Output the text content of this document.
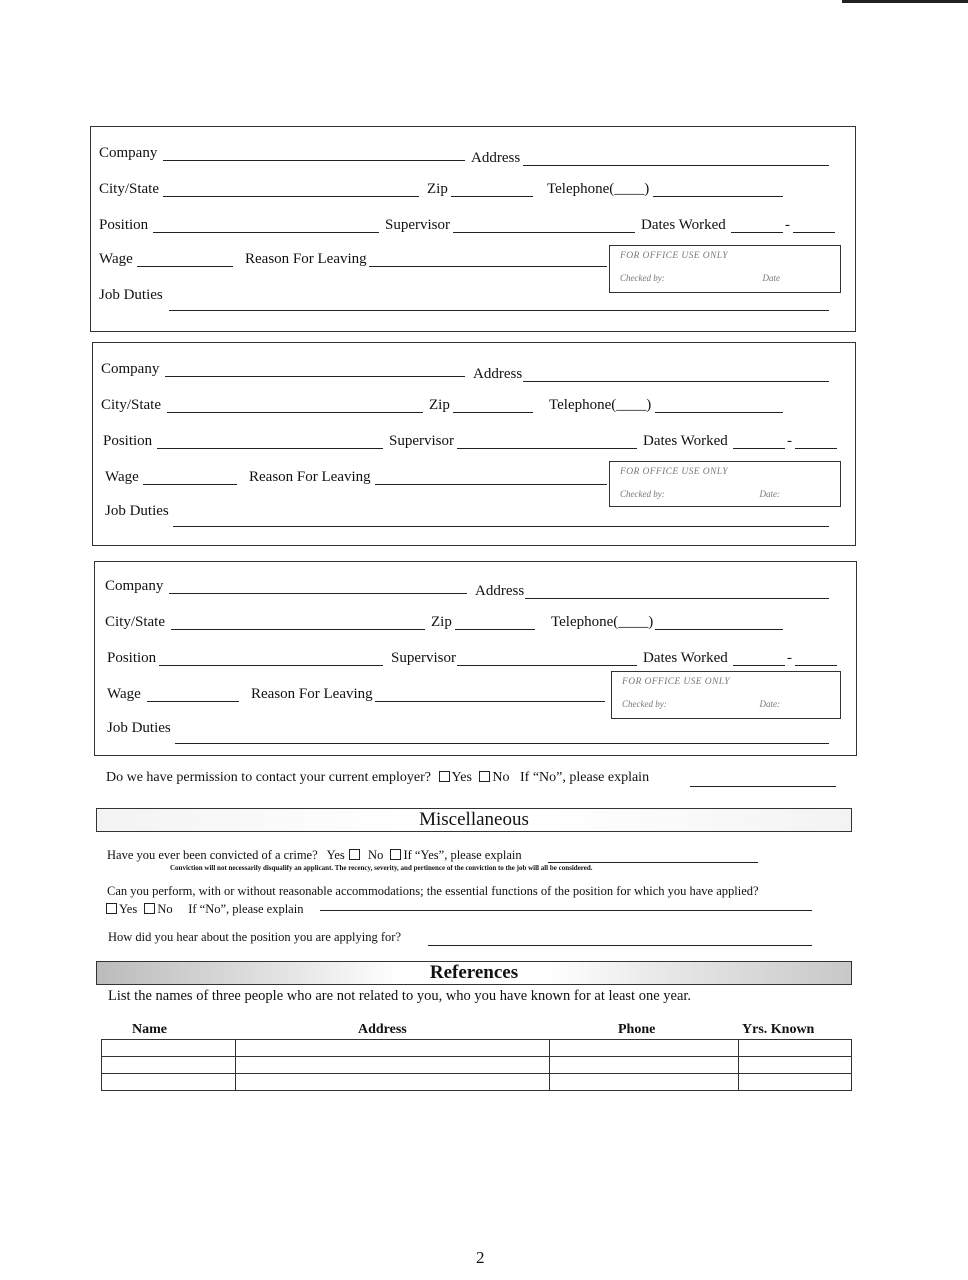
Company	Address
City/State	Zip	Telephone(____)
Position	Supervisor	Dates Worked	-
Wage	Reason For Leaving	FOR OFFICE USE ONLY
Checked by:	Date
Job Duties
Company	Address
City/State	Zip	Telephone(____)
Position	Supervisor	Dates Worked	-
Wage	Reason For Leaving	FOR OFFICE USE ONLY
Checked by:	Date:
Job Duties
Company	Address
City/State	Zip	Telephone(____)
Position	Supervisor	Dates Worked	-
Wage	Reason For Leaving
FOR OFFICE USE ONLY
Checked by:	Date:
Job Duties
Do we have permission to contact your current employer? Yes No If “No”, please explain
Miscellaneous
Have you ever been convicted of a crime? Yes No If “Yes”, please explain
Conviction will not necessarily disqualify an applicant. The recency, severity, and pertinence of the conviction to the job will all be considered.
Can you perform, with or without reasonable accommodations; the essential functions of the position for which you have applied?
Yes No If “No”, please explain
How did you hear about the position you are applying for?
References
List the names of three people who are not related to you, who you have known for at least one year.
Name	Address	Phone	Yrs. Known

2
